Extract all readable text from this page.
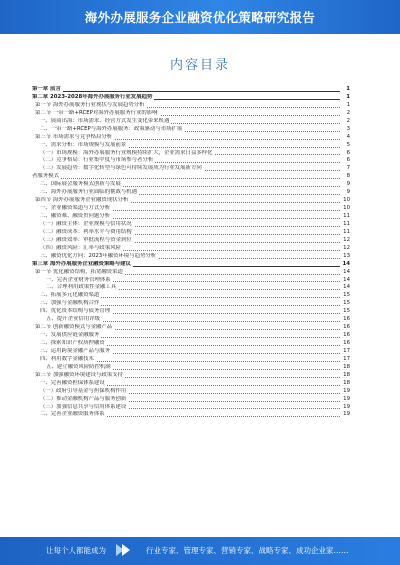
海外办展服务企业融资优化策略研究报告
内容目录
第一章 前言	1
第二章 2023-2028年海外办展服务行业发展趋势	1
第一节 海外办展服务行业现状与发展趋势分析	1
第二节 一带一路+RCEP对海外办展服务行业的影响	2
一、展商出海：市场需求、经营方式发生变化带来机遇	2
二、一带一路+RCEP与海外办展服务：政策驱动与市场扩展	3
第三节 市场需求与竞争格局分析	4
一、需求分析：市场规模与发展前景	5
（一）市场规模：海外办展服务行业规模持续扩大，企业需求日益多样化	6
（二）竞争格局：行业集中度与市场参与者分析	6
（三）发展趋势：数字化转型与绿色可持续发展成为行业发展新方向	7
者服务模式	8
二、国际展会服务模式创新与发展	9
三、海外办展服务行业面临的挑战与机遇	9
第四节 海外办展服务企业融资现状分析	10
一、企业融资渠道与方式分析	10
二、融资难、融资贵问题分析	11
（一）融资主体：企业规模与信用状况	11
（二）融资成本：利率水平与费用结构	11
（三）融资效率：审批流程与资金到位	12
（四）融资风险：汇率与政策风险	12
三、融资优化方向：2023年融资环境与趋势分析	13
第三章 海外办展服务企业融资策略与建议	14
第一节 优化融资结构，拓宽融资渠道	14
一、完善企业财务管理体系	14
二、合理利用政策性金融工具	14
二、拓展多元化融资渠道	15
三、加强与金融机构合作	15
四、优化资本结构与债务管理	15
五、提升企业信用评级	16
第二节 创新融资模式与金融产品	16
一、发展供应链金融服务	16
二、探索知识产权质押融资	16
三、运用跨境金融产品与服务	17
四、利用数字金融技术	17
五、建立融资风险防控机制	18
第三节 加强融资环境建设与政策支持	18
一、完善融资担保体系建设	18
（一）政府引导基金与担保机构作用	19
（二）推动金融机构产品与服务创新	19
（三）加强信息共享与信用体系建设	19
二、完善企业融资服务体系	19
让每个人都能成为	行业专家、管理专家、营销专家、战略专家、成功企业家……
